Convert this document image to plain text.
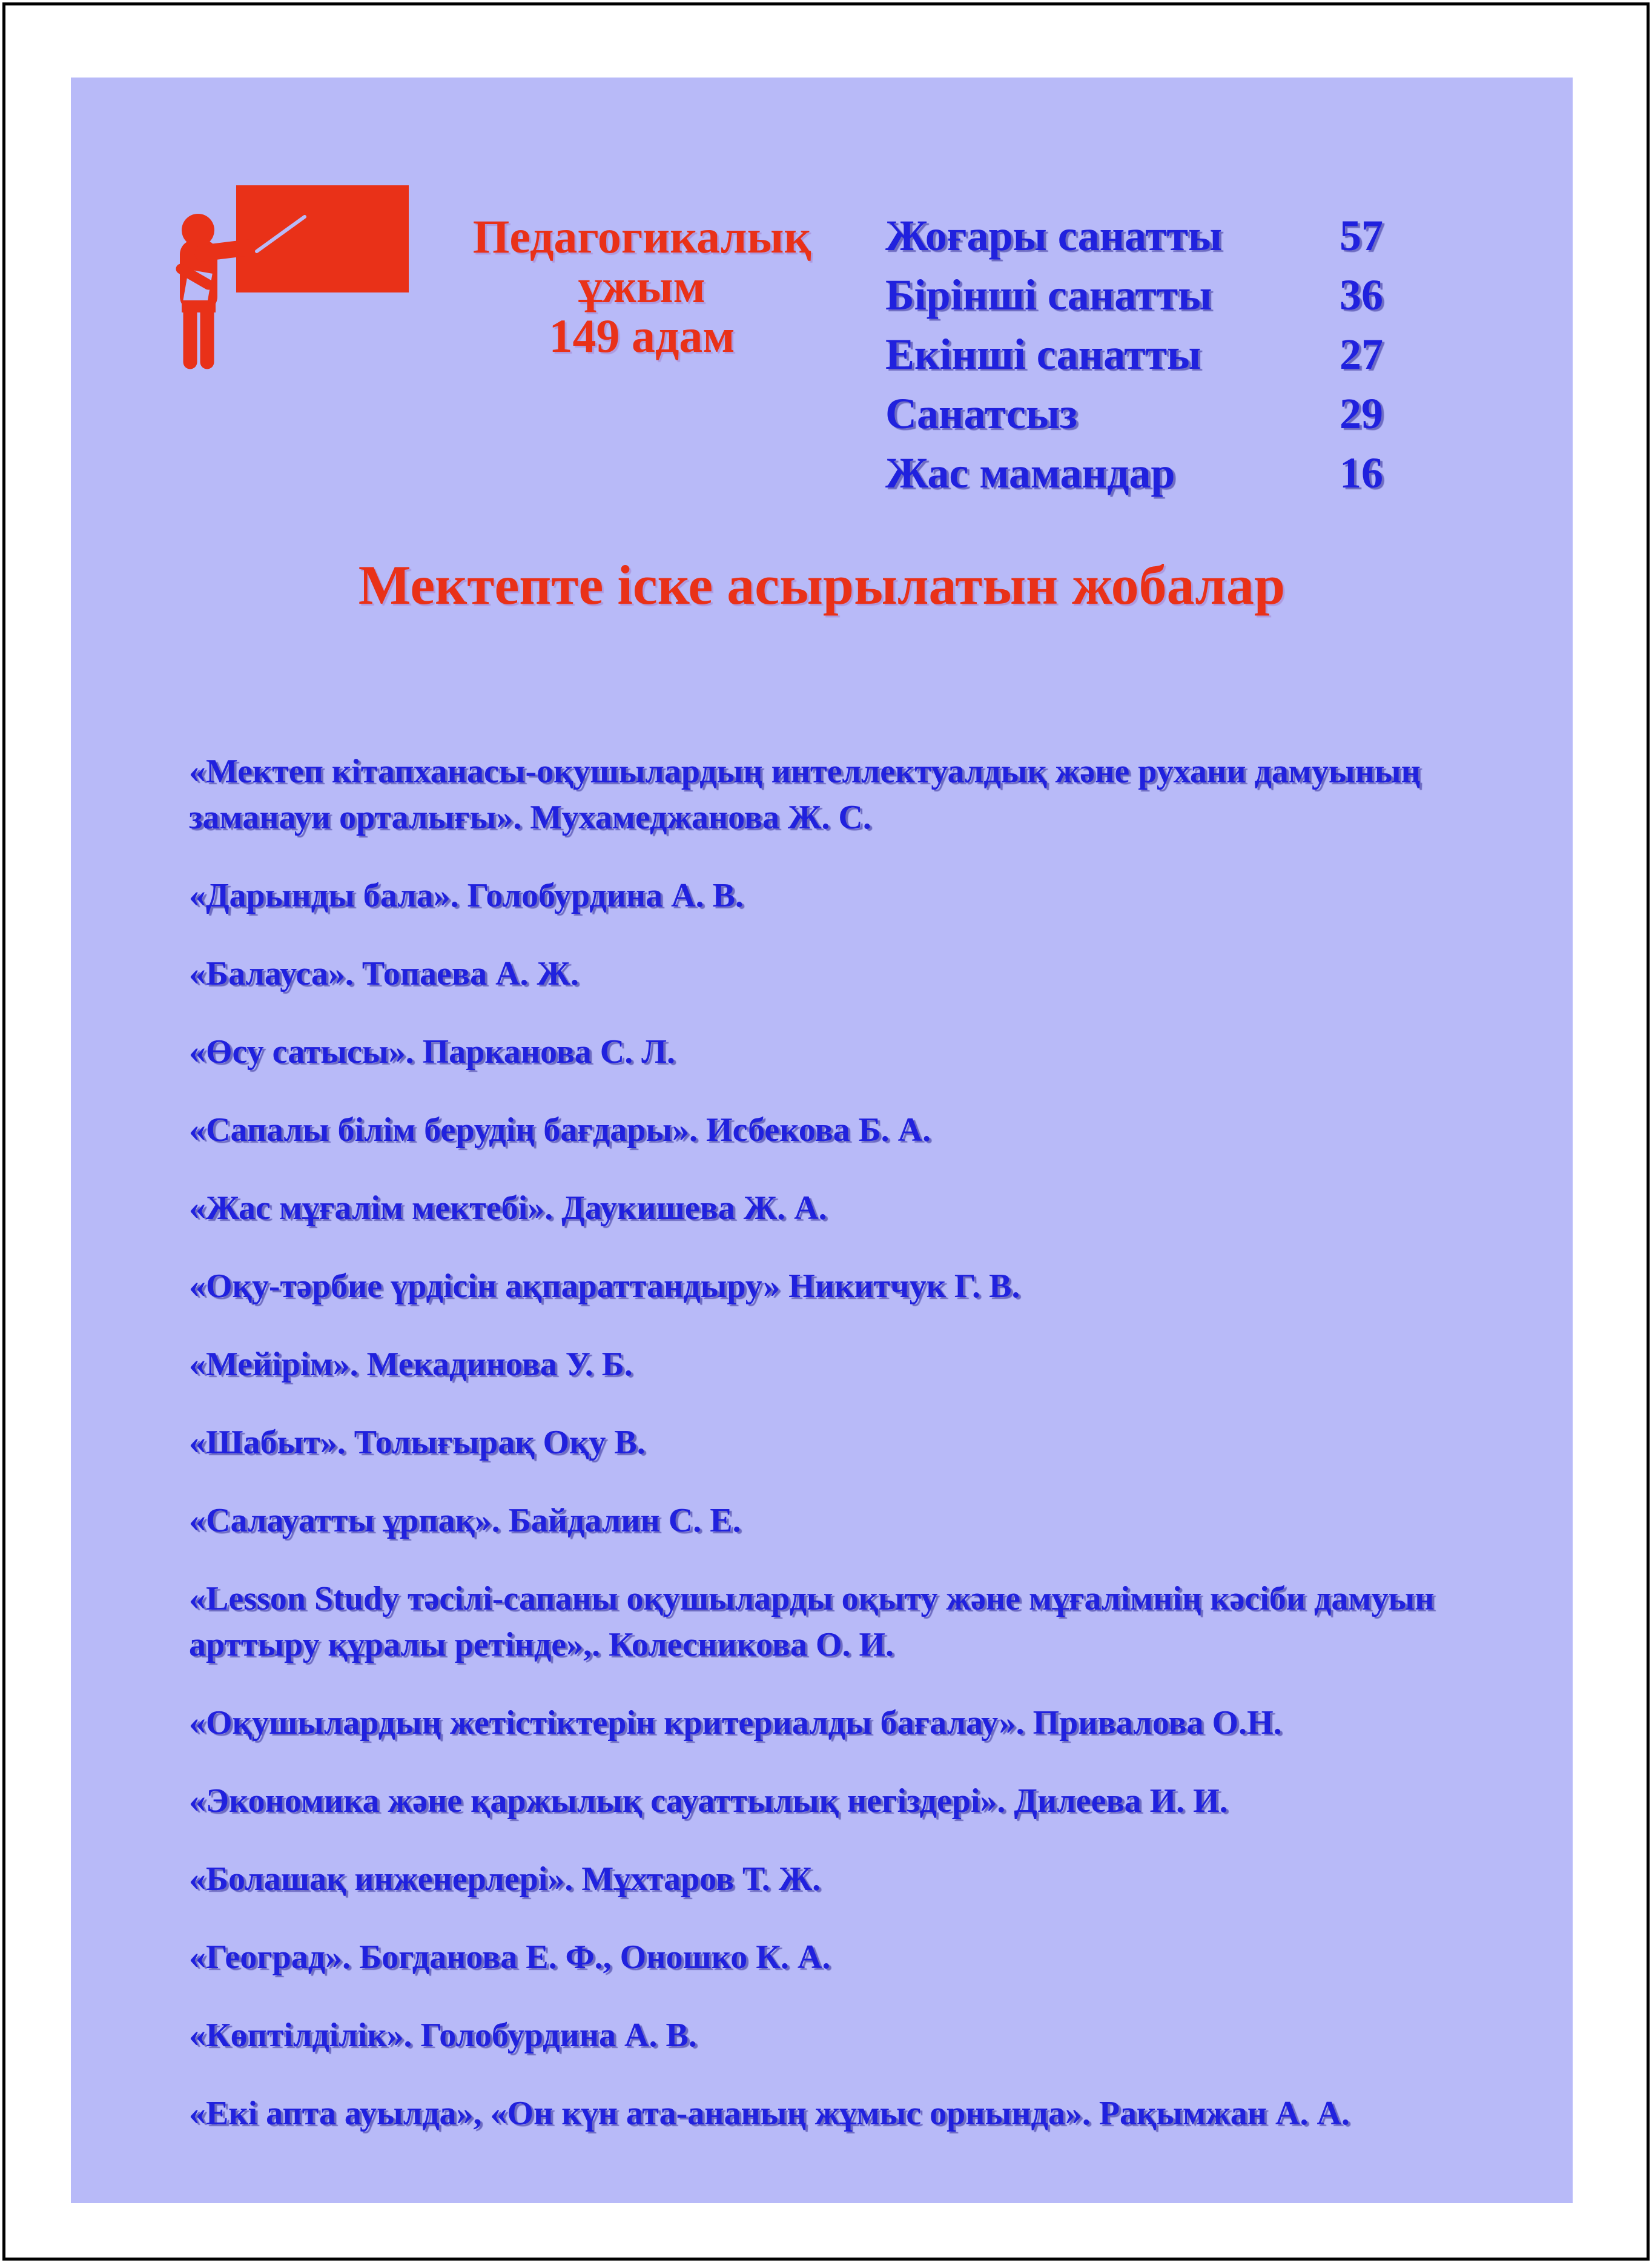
Педагогикалық
ұжым
149 адам
Жоғары санатты	57
Бірінші санатты	36
Екінші санатты	27
Санатсыз	29
Жас мамандар	16
Мектепте іске асырылатын жобалар
«Мектеп кітапханасы-оқушылардың интеллектуалдық және рухани дамуының заманауи орталығы». Мухамеджанова Ж. С.
«Дарынды бала». Голобурдина А. В.
«Балауса». Топаева А. Ж.
«Өсу сатысы». Парканова С. Л.
«Сапалы білім берудің бағдары». Исбекова Б. А.
«Жас мұғалім мектебі». Даукишева Ж. А.
«Оқу-тәрбие үрдісін ақпараттандыру» Никитчук Г. В.
«Мейірім». Мекадинова У. Б.
«Шабыт». Толығырақ Оқу В.
«Салауатты ұрпақ». Байдалин С. Е.
«Lesson Study тәсілі-сапаны оқушыларды оқыту және мұғалімнің кәсіби дамуын арттыру құралы ретінде»,. Колесникова О. И.
«Оқушылардың жетістіктерін критериалды бағалау». Привалова О.Н.
«Экономика және қаржылық сауаттылық негіздері». Дилеева И. И.
«Болашақ инженерлері». Мұхтаров Т. Ж.
«Геоград». Богданова Е. Ф., Оношко К. А.
«Көптілділік». Голобурдина А. В.
«Екі апта ауылда», «Он күн ата-ананың жұмыс орнында». Рақымжан А. А.
